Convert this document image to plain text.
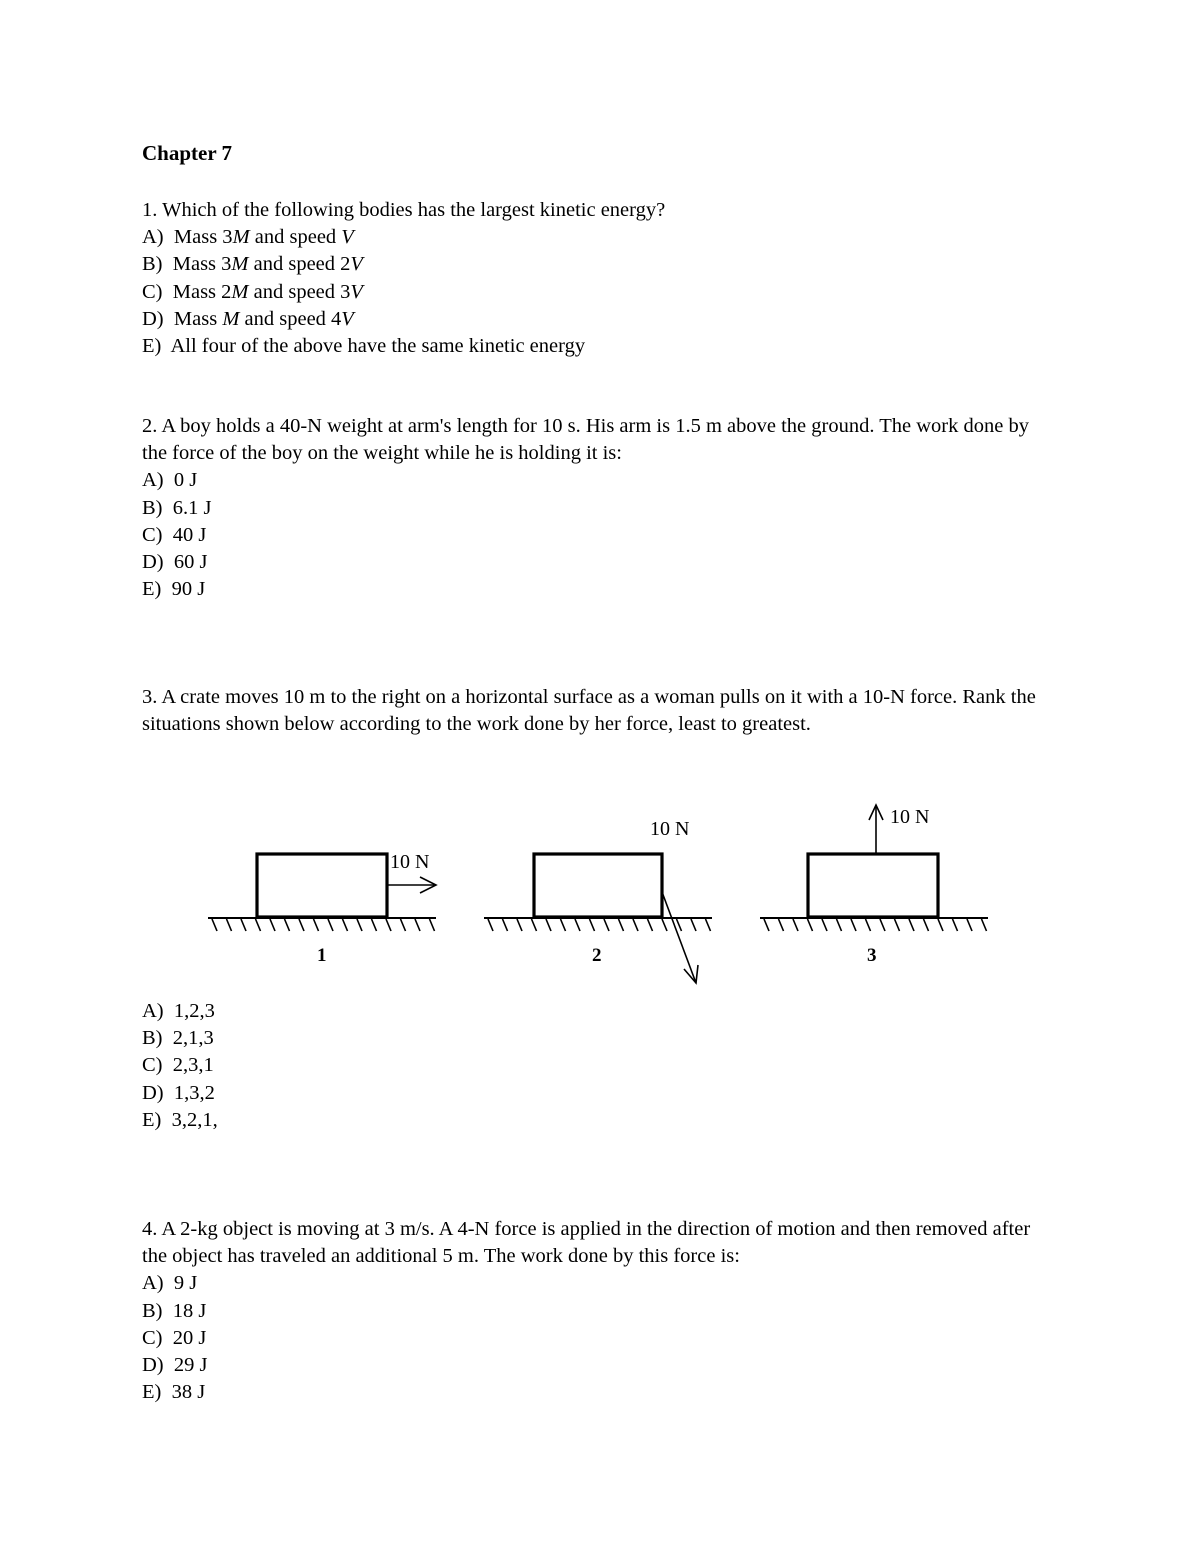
Chapter 7

1. Which of the following bodies has the largest kinetic energy?

A) Mass 3M and speed V

B) Mass 3M and speed 2V

C) Mass 2M and speed 3V

D) Mass M and speed 4V

E) All four of the above have the same kinetic energy

2. A boy holds a 40-N weight at arm's length for 10 s. His arm is 1.5 m above the ground. The work done by the force of the boy on the weight while he is holding it is:

A) 0 J

B) 6.1 J

C) 40 J

D) 60 J

E) 90 J

3. A crate moves 10 m to the right on a horizontal surface as a woman pulls on it with a 10-N force. Rank the situations shown below according to the work done by her force, least to greatest.

10 N
1
10 N
2
10 N
3

A) 1,2,3

B) 2,1,3

C) 2,3,1

D) 1,3,2

E) 3,2,1,

4. A 2-kg object is moving at 3 m/s. A 4-N force is applied in the direction of motion and then removed after the object has traveled an additional 5 m. The work done by this force is:

A) 9 J

B) 18 J

C) 20 J

D) 29 J

E) 38 J
